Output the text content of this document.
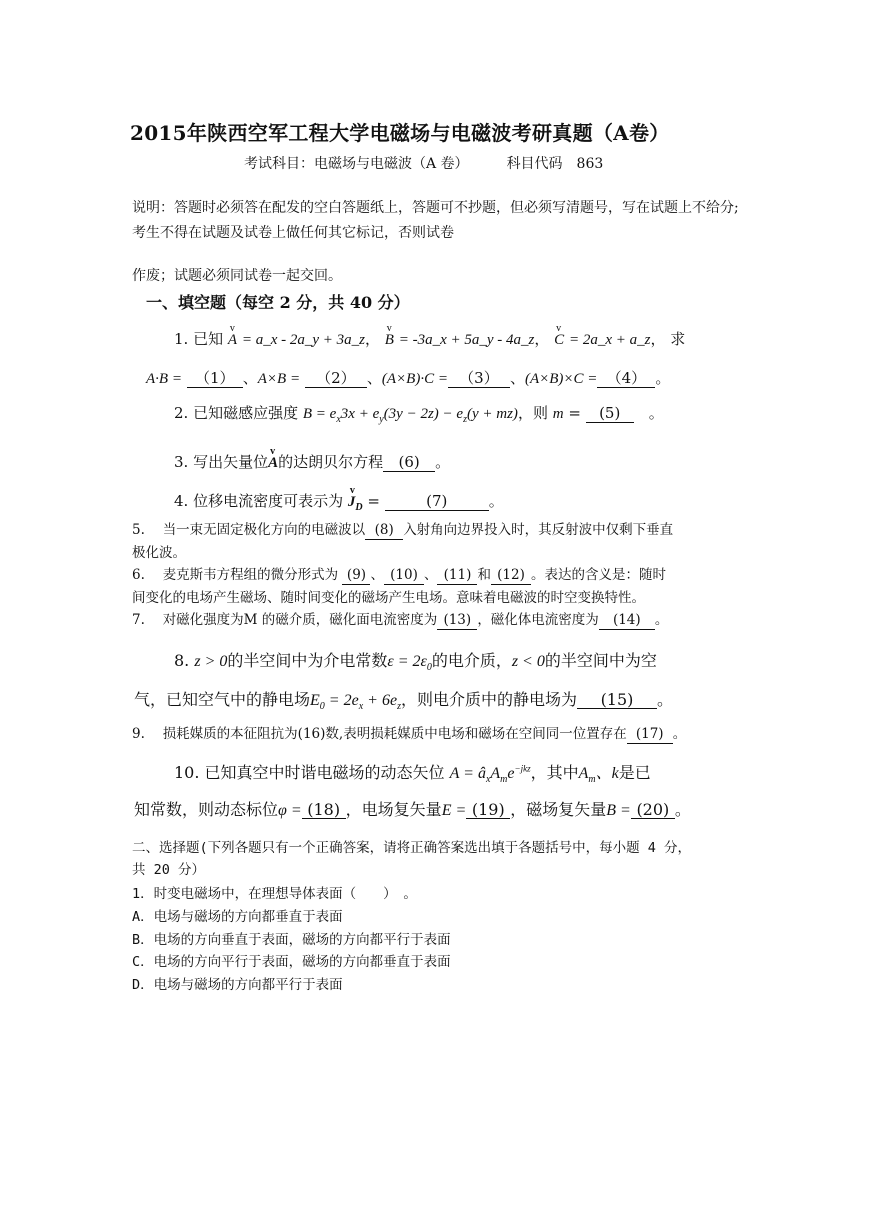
2015年陕西空军工程大学电磁场与电磁波考研真题（A卷）
考试科目：电磁场与电磁波（A 卷）	科目代码　863
说明：答题时必须答在配发的空白答题纸上，答题可不抄题，但必须写清题号，写在试题上不给分; 考生不得在试题及试卷上做任何其它标记，否则试卷
作废；试题必须同试卷一起交回。
一、填空题（每空 2 分，共 40 分）
1. 已知 v A = a_x - 2a_y + 3a_z， v B = -3a_x + 5a_y - 4a_z， v C = 2a_x + a_z， 求
A·B = （1） 、A×B = （2） 、(A×B)·C = （3） 、(A×B)×C = （4） 。
2. 已知磁感应强度 $B = e_x3x + e_y(3y - 2z) - e_z(y + mz)$，则 m = (5)　。
3. 写出矢量位v A的达朗贝尔方程 (6) 。
4. 位移电流密度可表示为 v $J_D$ =	(7)	。
5.　 当一束无固定极化方向的电磁波以 (8) 入射角向边界投入时，其反射波中仅剩下垂直
极化波。
6.　 麦克斯韦方程组的微分形式为 (9) 、 (10) 、 (11) 和 (12) 。表达的含义是：随时
间变化的电场产生磁场、随时间变化的磁场产生电场。意味着电磁波的时空变换特性。
7.　 对磁化强度为M 的磁介质，磁化面电流密度为 (13) ，磁化体电流密度为 (14) 。
8. z > 0的半空间中为介电常数$\varepsilon = 2\varepsilon_0$的电介质，z < 0的半空间中为空
气，已知空气中的静电场$E_0 = 2e_x + 6e_z$，则电介质中的静电场为 (15) 。
9.　 损耗媒质的本征阻抗为(16)数,表明损耗媒质中电场和磁场在空间同一位置存在 (17) 。
10. 已知真空中时谐电磁场的动态矢位 $A = â_xA_me^{-jkz}$，其中$A_m$、k是已
知常数，则动态标位φ = (18) ，电场复矢量E = (19) ，磁场复矢量B = (20) 。
二、选择题(下列各题只有一个正确答案，请将正确答案选出填于各题括号中，每小题 4 分，
共 20 分）
1．时变电磁场中，在理想导体表面（　　）　。
A．电场与磁场的方向都垂直于表面
B．电场的方向垂直于表面，磁场的方向都平行于表面
C．电场的方向平行于表面，磁场的方向都垂直于表面
D．电场与磁场的方向都平行于表面
